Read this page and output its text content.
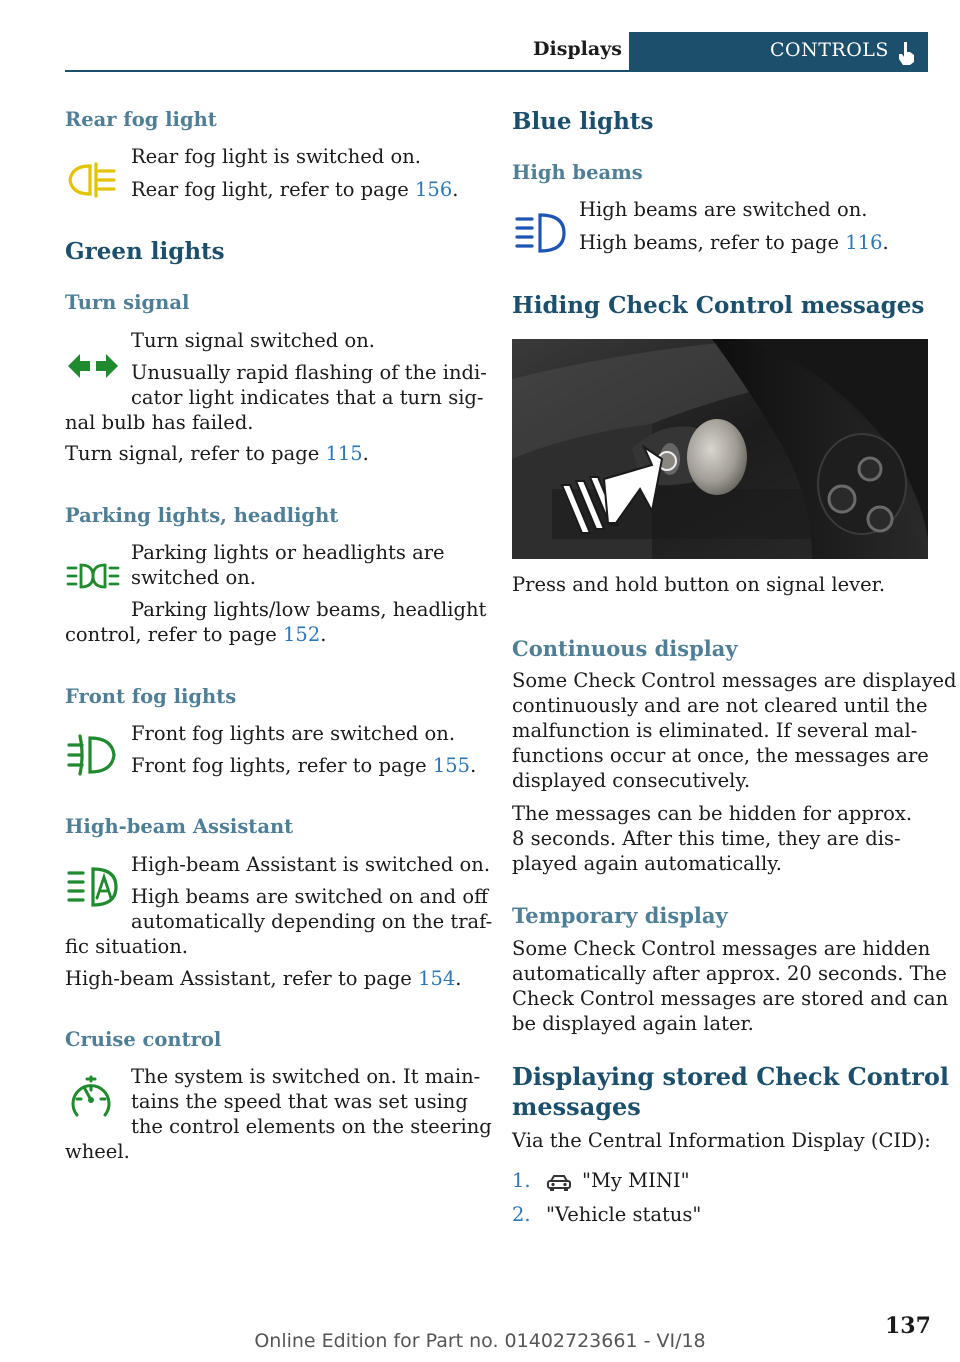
Displays	CONTROLS
Rear fog light
Rear fog light is switched on.
Rear fog light, refer to page 156.
Green lights
Turn signal
Turn signal switched on.
Unusually rapid flashing of the indi-
cator light indicates that a turn sig-
nal bulb has failed.
Turn signal, refer to page 115.
Parking lights, headlight
Parking lights or headlights are
switched on.
Parking lights/low beams, headlight
control, refer to page 152.
Front fog lights
Front fog lights are switched on.
Front fog lights, refer to page 155.
High-beam Assistant
High-beam Assistant is switched on.
High beams are switched on and off
automatically depending on the traf-
fic situation.
High-beam Assistant, refer to page 154.
Cruise control
The system is switched on. It main-
tains the speed that was set using
the control elements on the steering
wheel.
Blue lights
High beams
High beams are switched on.
High beams, refer to page 116.
Hiding Check Control messages
Press and hold button on signal lever.
Continuous display
Some Check Control messages are displayed
continuously and are not cleared until the
malfunction is eliminated. If several mal-
functions occur at once, the messages are
displayed consecutively.
The messages can be hidden for approx.
8 seconds. After this time, they are dis-
played again automatically.
Temporary display
Some Check Control messages are hidden
automatically after approx. 20 seconds. The
Check Control messages are stored and can
be displayed again later.
Displaying stored Check Control
messages
Via the Central Information Display (CID):
1.	"My MINI"
2. "Vehicle status"
137
Online Edition for Part no. 01402723661 - VI/18
